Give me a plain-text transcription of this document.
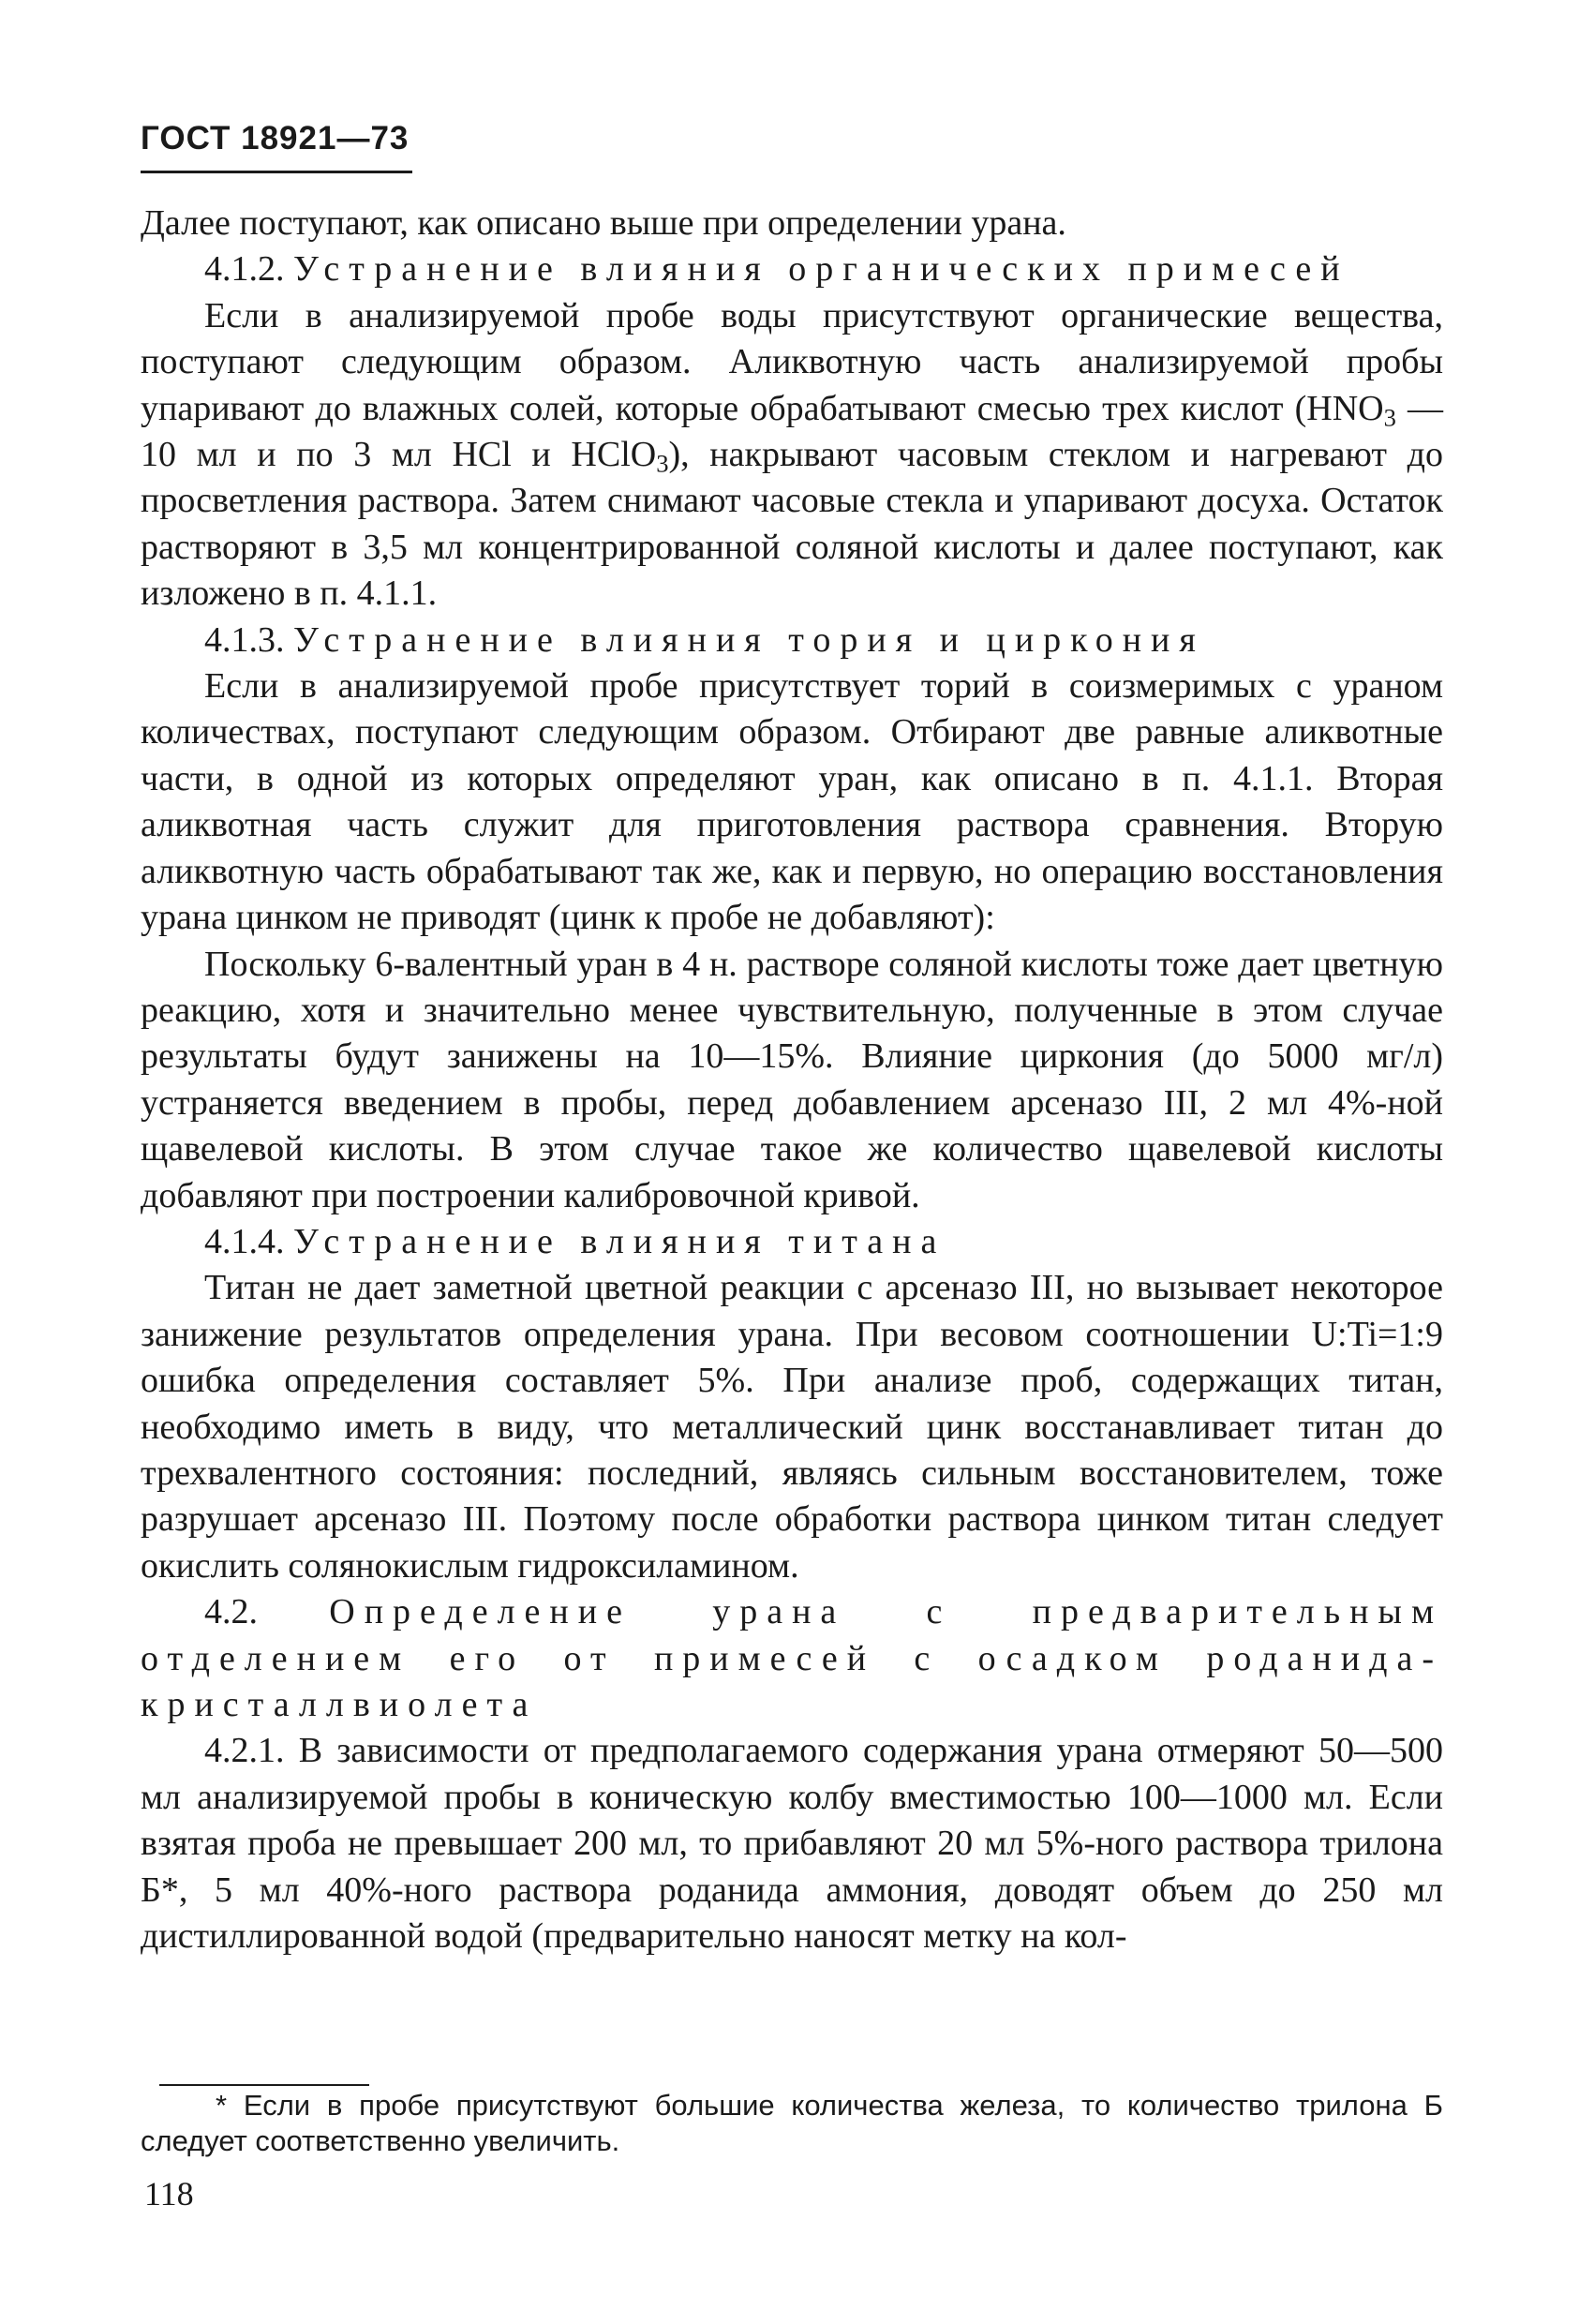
ГОСТ 18921—73

Далее поступают, как описано выше при определении урана.

4.1.2. Устранение влияния органических примесей

Если в анализируемой пробе воды присутствуют органические вещества, поступают следующим образом. Аликвотную часть анализируемой пробы упаривают до влажных солей, которые обрабатывают смесью трех кислот ($HNO_3$ — 10 мл и по 3 мл HCl и HClO$_3$), накрывают часовым стеклом и нагревают до просветления раствора. Затем снимают часовые стекла и упаривают досуха. Остаток растворяют в 3,5 мл концентрированной соляной кислоты и далее поступают, как изложено в п. 4.1.1.

4.1.3. Устранение влияния тория и циркония

Если в анализируемой пробе присутствует торий в соизмеримых с ураном количествах, поступают следующим образом. Отбирают две равные аликвотные части, в одной из которых определяют уран, как описано в п. 4.1.1. Вторая аликвотная часть служит для приготовления раствора сравнения. Вторую аликвотную часть обрабатывают так же, как и первую, но операцию восстановления урана цинком не приводят (цинк к пробе не добавляют):

Поскольку 6-валентный уран в 4 н. растворе соляной кислоты тоже дает цветную реакцию, хотя и значительно менее чувствительную, полученные в этом случае результаты будут занижены на 10—15%. Влияние циркония (до 5000 мг/л) устраняется введением в пробы, перед добавлением арсеназо III, 2 мл 4%-ной щавелевой кислоты. В этом случае такое же количество щавелевой кислоты добавляют при построении калибровочной кривой.

4.1.4. Устранение влияния титана

Титан не дает заметной цветной реакции с арсеназо III, но вызывает некоторое занижение результатов определения урана. При весовом соотношении U:Ti=1:9 ошибка определения составляет 5%. При анализе проб, содержащих титан, необходимо иметь в виду, что металлический цинк восстанавливает титан до трехвалентного состояния: последний, являясь сильным восстановителем, тоже разрушает арсеназо III. Поэтому после обработки раствора цинком титан следует окислить солянокислым гидроксиламином.

4.2. Определение урана с предварительным отделением его от примесей с осадком роданида-кристаллвиолета

4.2.1. В зависимости от предполагаемого содержания урана отмеряют 50—500 мл анализируемой пробы в коническую колбу вместимостью 100—1000 мл. Если взятая проба не превышает 200 мл, то прибавляют 20 мл 5%-ного раствора трилона Б*, 5 мл 40%-ного раствора роданида аммония, доводят объем до 250 мл дистиллированной водой (предварительно наносят метку на кол-

* Если в пробе присутствуют большие количества железа, то количество трилона Б следует соответственно увеличить.
118
